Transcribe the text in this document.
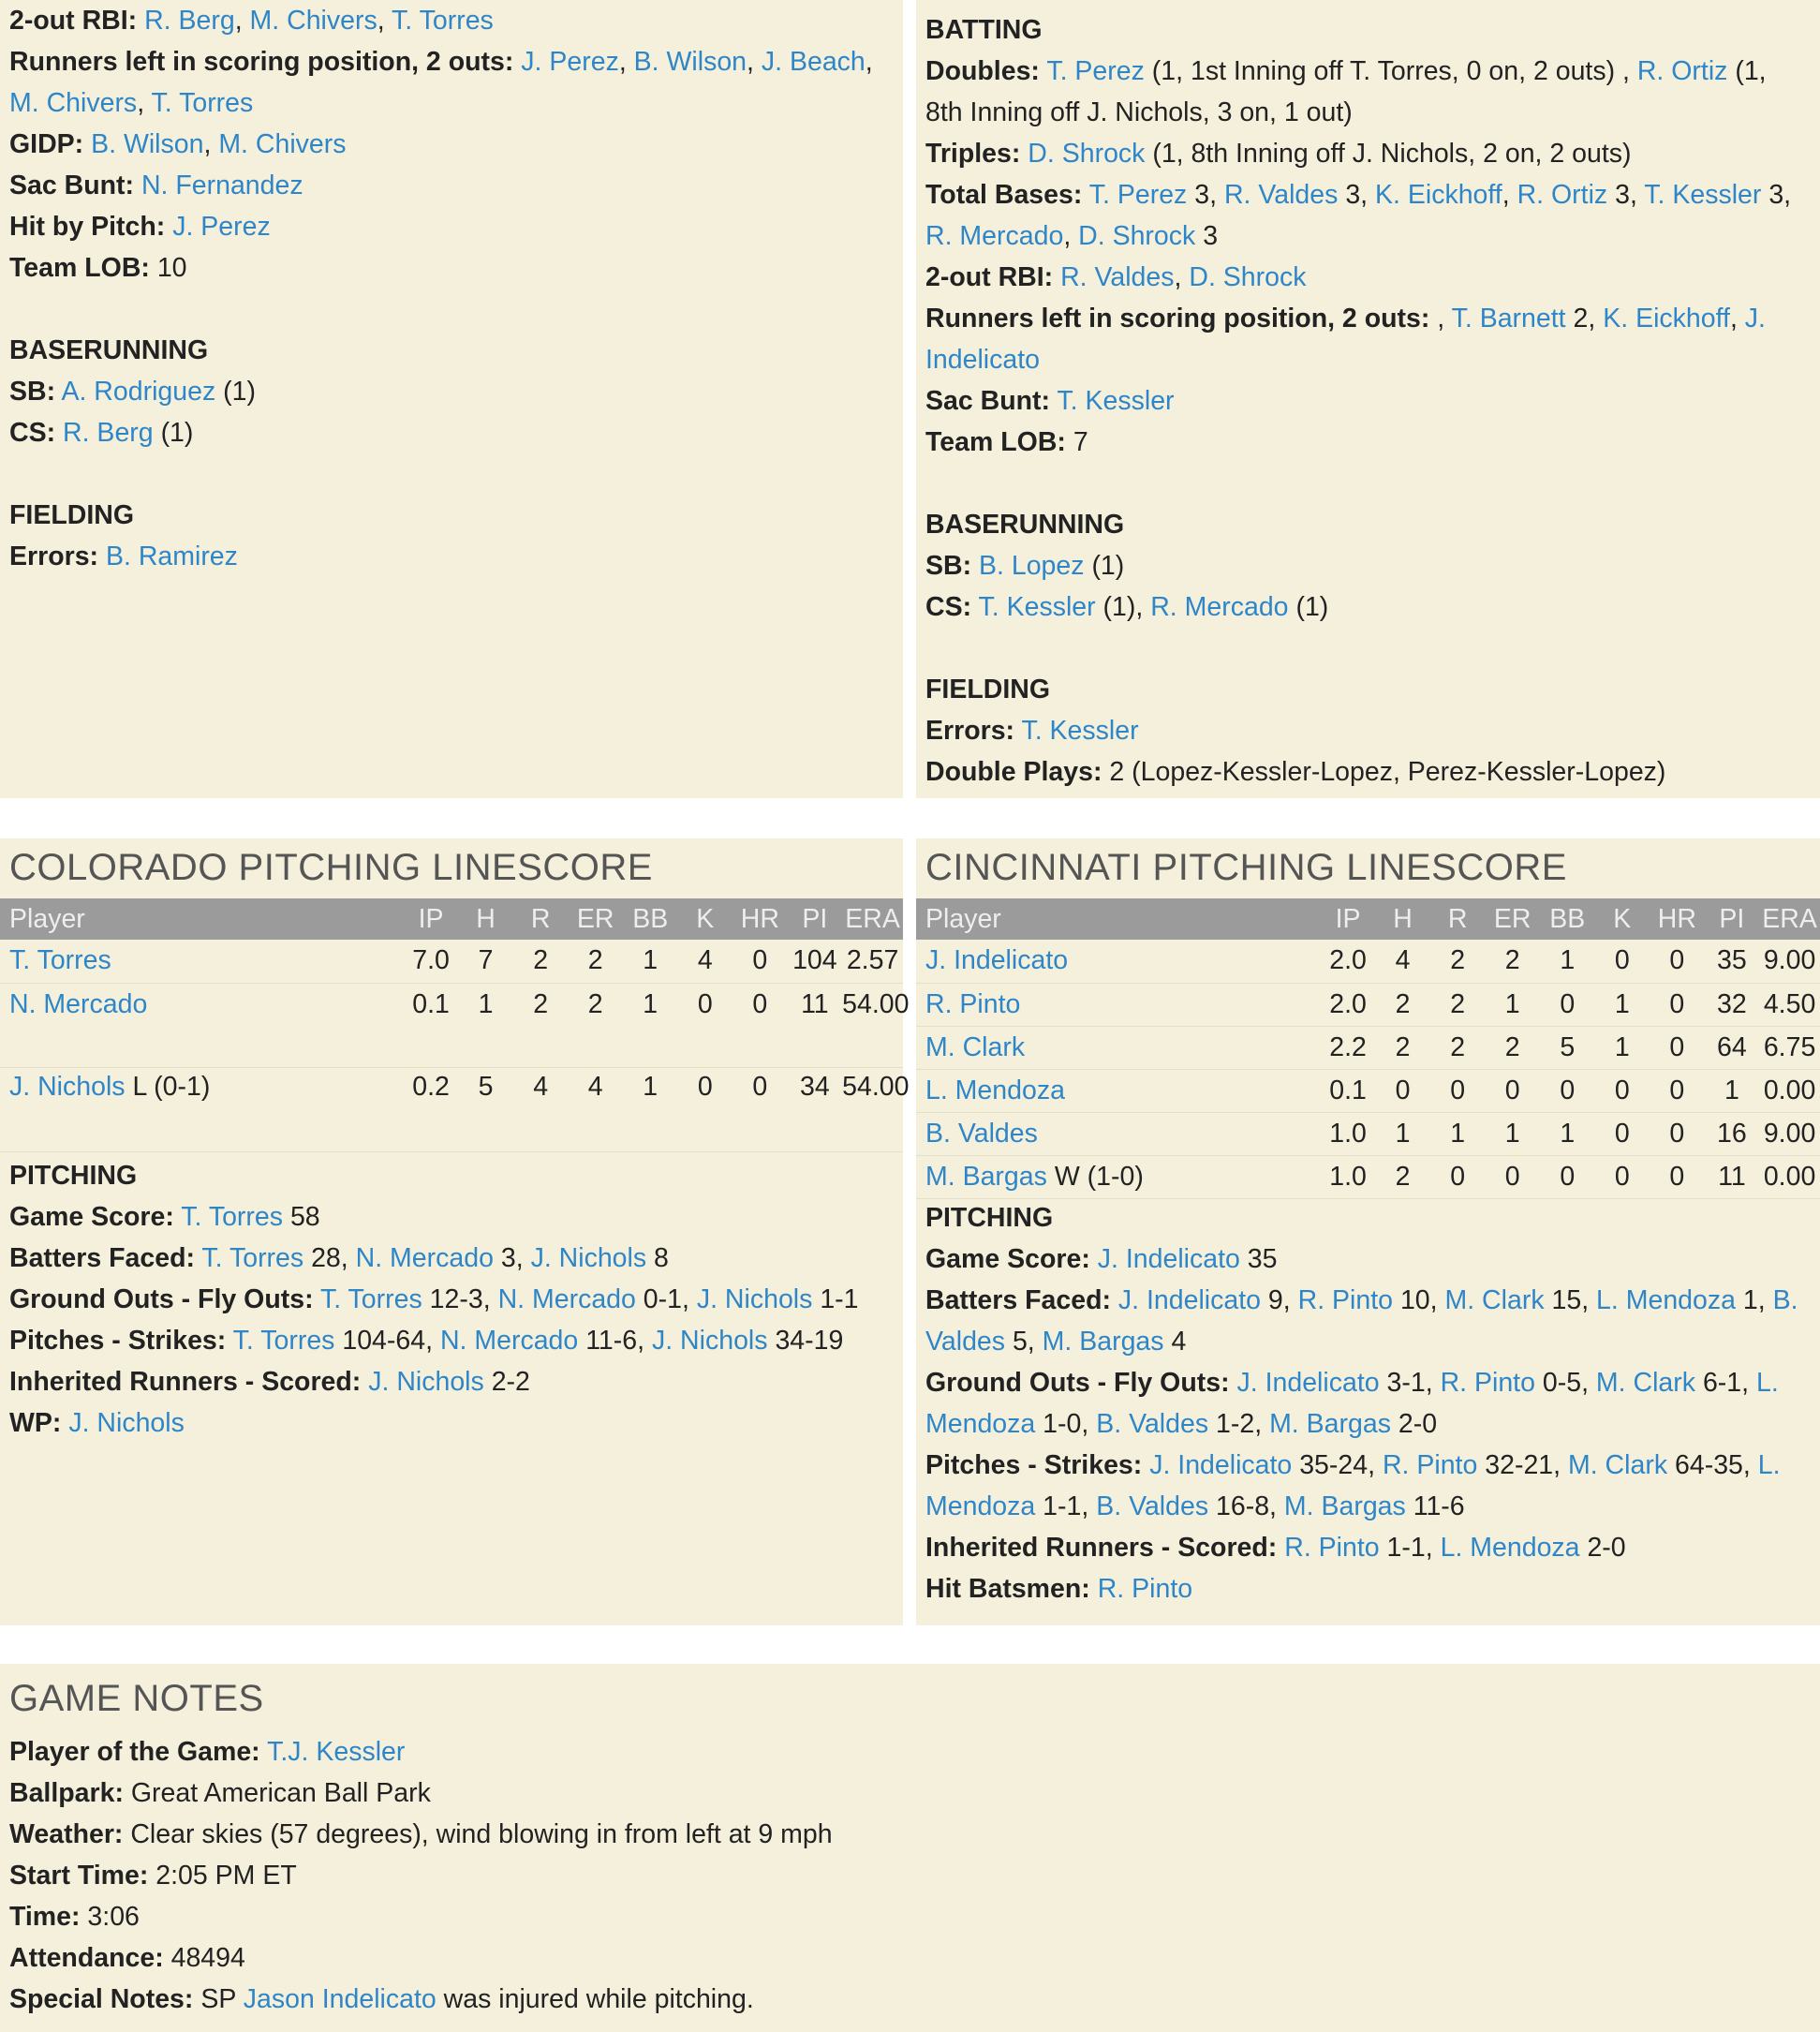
2-out RBI: R. Berg, M. Chivers, T. Torres
Runners left in scoring position, 2 outs: J. Perez, B. Wilson, J. Beach,
M. Chivers, T. Torres
GIDP: B. Wilson, M. Chivers
Sac Bunt: N. Fernandez
Hit by Pitch: J. Perez
Team LOB: 10
BASERUNNING
SB: A. Rodriguez (1)
CS: R. Berg (1)
FIELDING
Errors: B. Ramirez
BATTING
Doubles: T. Perez (1, 1st Inning off T. Torres, 0 on, 2 outs) , R. Ortiz (1,
8th Inning off J. Nichols, 3 on, 1 out)
Triples: D. Shrock (1, 8th Inning off J. Nichols, 2 on, 2 outs)
Total Bases: T. Perez 3, R. Valdes 3, K. Eickhoff, R. Ortiz 3, T. Kessler 3,
R. Mercado, D. Shrock 3
2-out RBI: R. Valdes, D. Shrock
Runners left in scoring position, 2 outs: , T. Barnett 2, K. Eickhoff, J.
Indelicato
Sac Bunt: T. Kessler
Team LOB: 7
BASERUNNING
SB: B. Lopez (1)
CS: T. Kessler (1), R. Mercado (1)
FIELDING
Errors: T. Kessler
Double Plays: 2 (Lopez-Kessler-Lopez, Perez-Kessler-Lopez)
COLORADO PITCHING LINESCORE
Player	IP	H	R	ER	BB	K	HR	PI	ERA
T. Torres	7.0	7	2	2	1	4	0	104	2.57
N. Mercado	0.1	1	2	2	1	0	0	11	54.00
J. Nichols L (0-1)	0.2	5	4	4	1	0	0	34	54.00
PITCHING
Game Score: T. Torres 58
Batters Faced: T. Torres 28, N. Mercado 3, J. Nichols 8
Ground Outs - Fly Outs: T. Torres 12-3, N. Mercado 0-1, J. Nichols 1-1
Pitches - Strikes: T. Torres 104-64, N. Mercado 11-6, J. Nichols 34-19
Inherited Runners - Scored: J. Nichols 2-2
WP: J. Nichols
CINCINNATI PITCHING LINESCORE
Player	IP	H	R	ER	BB	K	HR	PI	ERA
J. Indelicato	2.0	4	2	2	1	0	0	35	9.00
R. Pinto	2.0	2	2	1	0	1	0	32	4.50
M. Clark	2.2	2	2	2	5	1	0	64	6.75
L. Mendoza	0.1	0	0	0	0	0	0	1	0.00
B. Valdes	1.0	1	1	1	1	0	0	16	9.00
M. Bargas W (1-0)	1.0	2	0	0	0	0	0	11	0.00
PITCHING
Game Score: J. Indelicato 35
Batters Faced: J. Indelicato 9, R. Pinto 10, M. Clark 15, L. Mendoza 1, B.
Valdes 5, M. Bargas 4
Ground Outs - Fly Outs: J. Indelicato 3-1, R. Pinto 0-5, M. Clark 6-1, L.
Mendoza 1-0, B. Valdes 1-2, M. Bargas 2-0
Pitches - Strikes: J. Indelicato 35-24, R. Pinto 32-21, M. Clark 64-35, L.
Mendoza 1-1, B. Valdes 16-8, M. Bargas 11-6
Inherited Runners - Scored: R. Pinto 1-1, L. Mendoza 2-0
Hit Batsmen: R. Pinto
GAME NOTES
Player of the Game: T.J. Kessler
Ballpark: Great American Ball Park
Weather: Clear skies (57 degrees), wind blowing in from left at 9 mph
Start Time: 2:05 PM ET
Time: 3:06
Attendance: 48494
Special Notes: SP Jason Indelicato was injured while pitching.
